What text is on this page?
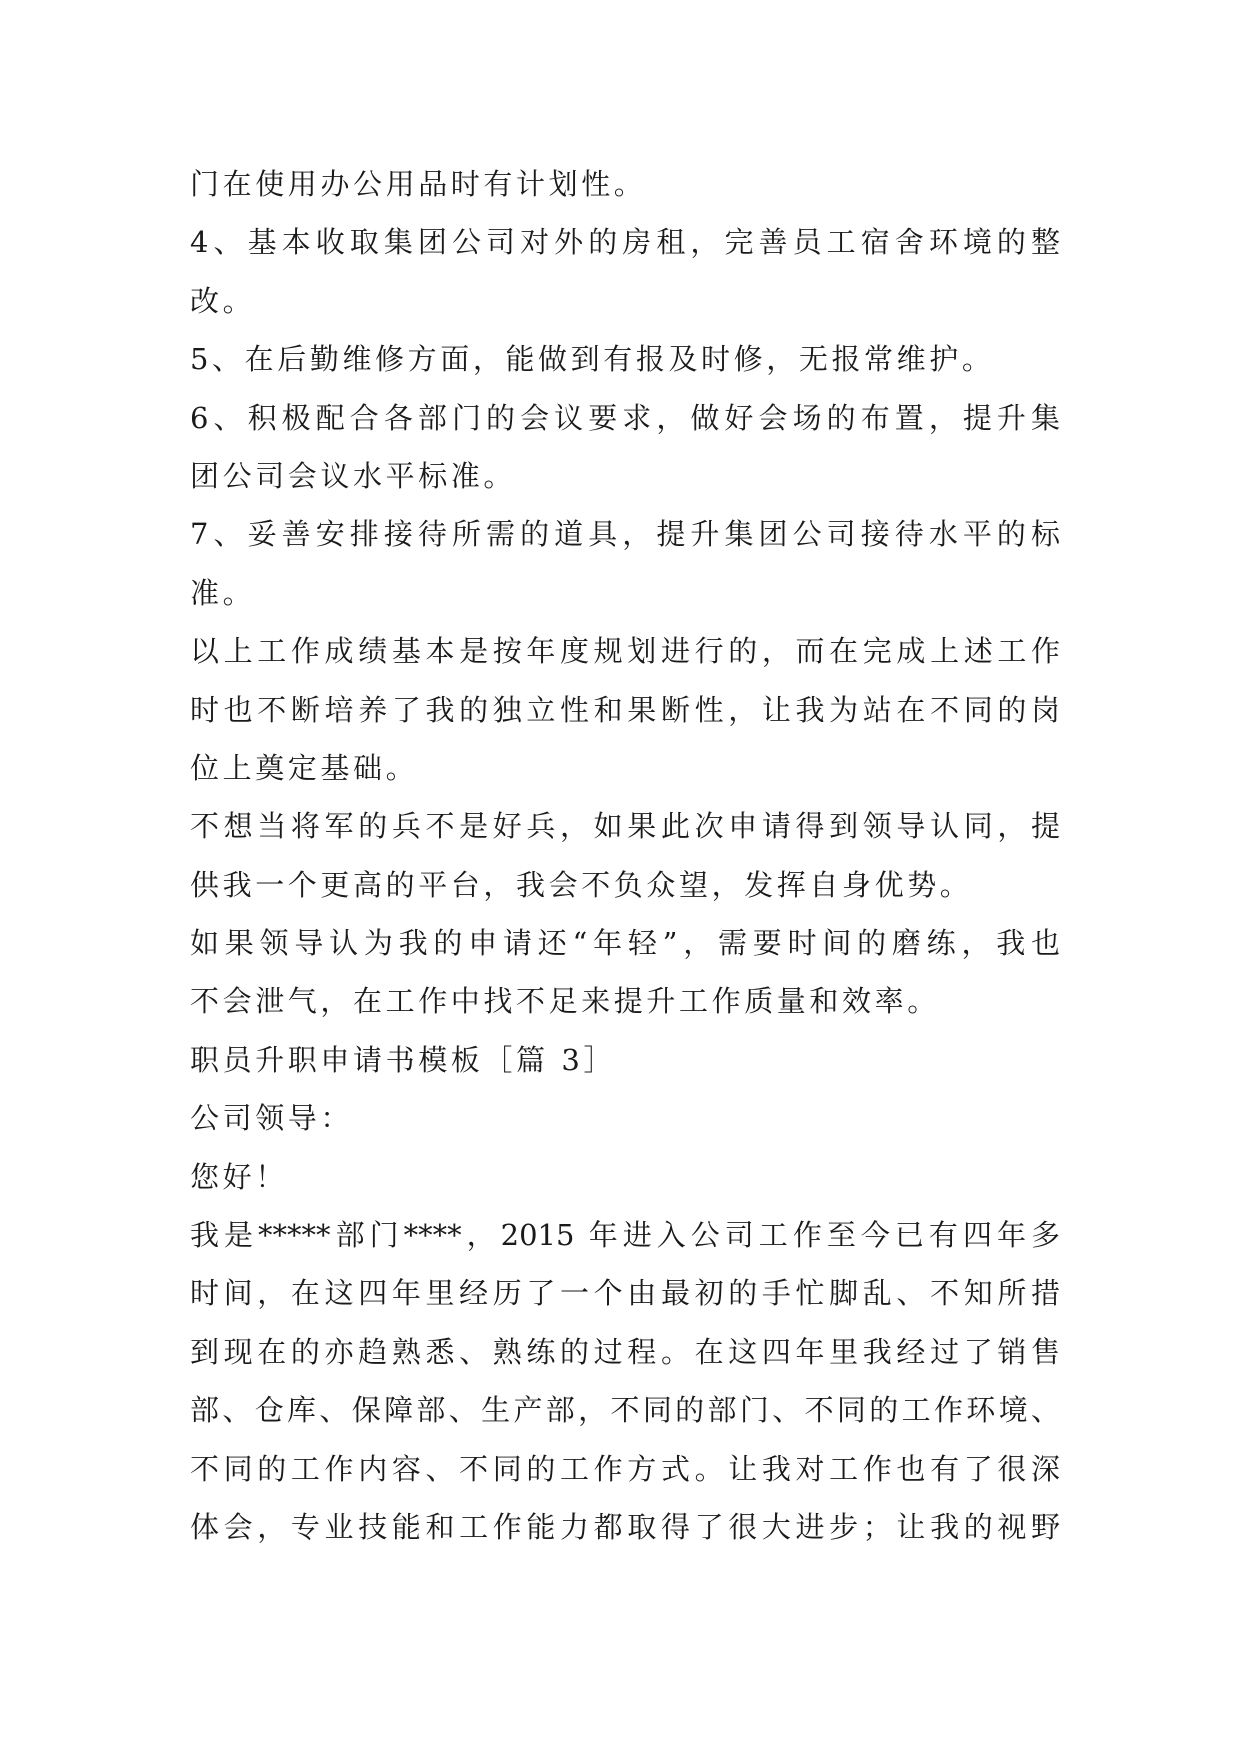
门在使用办公用品时有计划性。
4、基本收取集团公司对外的房租，完善员工宿舍环境的整
改。
5、在后勤维修方面，能做到有报及时修，无报常维护。
6、积极配合各部门的会议要求，做好会场的布置，提升集
团公司会议水平标准。
7、妥善安排接待所需的道具，提升集团公司接待水平的标
准。
以上工作成绩基本是按年度规划进行的，而在完成上述工作
时也不断培养了我的独立性和果断性，让我为站在不同的岗
位上奠定基础。
不想当将军的兵不是好兵，如果此次申请得到领导认同，提
供我一个更高的平台，我会不负众望，发挥自身优势。
如果领导认为我的申请还“年轻”，需要时间的磨练，我也
不会泄气，在工作中找不足来提升工作质量和效率。
职员升职申请书模板［篇 3］
公司领导：
您好！
我是*****部门****，2015 年进入公司工作至今已有四年多
时间，在这四年里经历了一个由最初的手忙脚乱、不知所措
到现在的亦趋熟悉、熟练的过程。在这四年里我经过了销售
部、仓库、保障部、生产部，不同的部门、不同的工作环境、
不同的工作内容、不同的工作方式。让我对工作也有了很深
体会，专业技能和工作能力都取得了很大进步；让我的视野
